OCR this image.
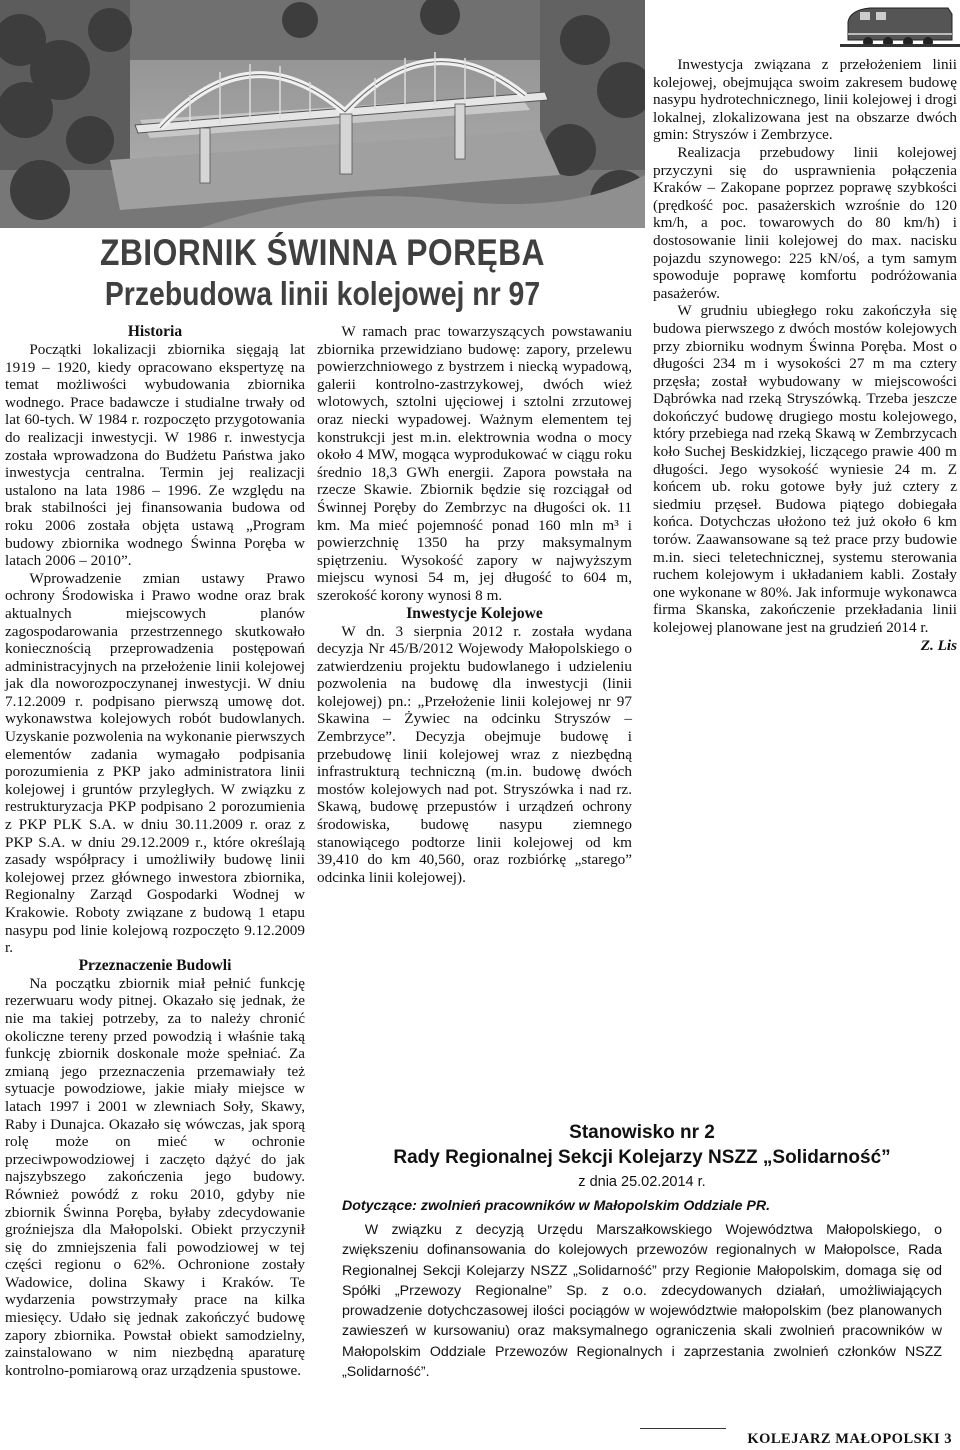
ZBIORNIK ŚWINNA PORĘBA
Przebudowa linii kolejowej nr 97
Historia

Początki lokalizacji zbiornika sięgają lat 1919 – 1920, kiedy opracowano ekspertyzę na temat możliwości wybudowania zbiornika wodnego. Prace badawcze i studialne trwały od lat 60-tych. W 1984 r. rozpoczęto przygotowania do realizacji inwestycji. W 1986 r. inwestycja została wprowadzona do Budżetu Państwa jako inwestycja centralna. Termin jej realizacji ustalono na lata 1986 – 1996. Ze względu na brak stabilności jej finansowania budowa od roku 2006 została objęta ustawą „Program budowy zbiornika wodnego Świnna Poręba w latach 2006 – 2010”.

Wprowadzenie zmian ustawy Prawo ochrony Środowiska i Prawo wodne oraz brak aktualnych miejscowych planów zagospodarowania przestrzennego skutkowało koniecznością przeprowadzenia postępowań administracyjnych na przełożenie linii kolejowej jak dla noworozpoczynanej inwestycji. W dniu 7.12.2009 r. podpisano pierwszą umowę dot. wykonawstwa kolejowych robót budowlanych. Uzyskanie pozwolenia na wykonanie pierwszych elementów zadania wymagało podpisania porozumienia z PKP jako administratora linii kolejowej i gruntów przyległych. W związku z restrukturyzacja PKP podpisano 2 porozumienia z PKP PLK S.A. w dniu 30.11.2009 r. oraz z PKP S.A. w dniu 29.12.2009 r., które określają zasady współpracy i umożliwiły budowę linii kolejowej przez głównego inwestora zbiornika, Regionalny Zarząd Gospodarki Wodnej w Krakowie. Roboty związane z budową 1 etapu nasypu pod linie kolejową rozpoczęto 9.12.2009 r.

Przeznaczenie Budowli

Na początku zbiornik miał pełnić funkcję rezerwuaru wody pitnej. Okazało się jednak, że nie ma takiej potrzeby, za to należy chronić okoliczne tereny przed powodzią i właśnie taką funkcję zbiornik doskonale może spełniać. Za zmianą jego przeznaczenia przemawiały też sytuacje powodziowe, jakie miały miejsce w latach 1997 i 2001 w zlewniach Soły, Skawy, Raby i Dunajca. Okazało się wówczas, jak sporą rolę może on mieć w ochronie przeciwpowodziowej i zaczęto dążyć do jak najszybszego zakończenia jego budowy. Również powódź z roku 2010, gdyby nie zbiornik Świnna Poręba, byłaby zdecydowanie groźniejsza dla Małopolski. Obiekt przyczynił się do zmniejszenia fali powodziowej w tej części regionu o 62%. Ochronione zostały Wadowice, dolina Skawy i Kraków. Te wydarzenia powstrzymały prace na kilka miesięcy. Udało się jednak zakończyć budowę zapory zbiornika. Powstał obiekt samodzielny, zainstalowano w nim niezbędną aparaturę kontrolno-pomiarową oraz urządzenia spustowe.

W ramach prac towarzyszących powstawaniu zbiornika przewidziano budowę: zapory, przelewu powierzchniowego z bystrzem i niecką wypadową, galerii kontrolno-zastrzykowej, dwóch wież wlotowych, sztolni ujęciowej i sztolni zrzutowej oraz niecki wypadowej. Ważnym elementem tej konstrukcji jest m.in. elektrownia wodna o mocy około 4 MW, mogąca wyprodukować w ciągu roku średnio 18,3 GWh energii. Zapora powstała na rzecze Skawie. Zbiornik będzie się rozciągał od Świnnej Poręby do Zembrzyc na długości ok. 11 km. Ma mieć pojemność ponad 160 mln m³ i powierzchnię 1350 ha przy maksymalnym spiętrzeniu. Wysokość zapory w najwyższym miejscu wynosi 54 m, jej długość to 604 m, szerokość korony wynosi 8 m.

Inwestycje Kolejowe

W dn. 3 sierpnia 2012 r. została wydana decyzja Nr 45/B/2012 Wojewody Małopolskiego o zatwierdzeniu projektu budowlanego i udzieleniu pozwolenia na budowę dla inwestycji (linii kolejowej) pn.: „Przełożenie linii kolejowej nr 97 Skawina – Żywiec na odcinku Stryszów – Zembrzyce”. Decyzja obejmuje budowę i przebudowę linii kolejowej wraz z niezbędną infrastrukturą techniczną (m.in. budowę dwóch mostów kolejowych nad pot. Stryszówka i nad rz. Skawą, budowę przepustów i urządzeń ochrony środowiska, budowę nasypu ziemnego stanowiącego podtorze linii kolejowej od km 39,410 do km 40,560, oraz rozbiórkę „starego” odcinka linii kolejowej).

Inwestycja związana z przełożeniem linii kolejowej, obejmująca swoim zakresem budowę nasypu hydrotechnicznego, linii kolejowej i drogi lokalnej, zlokalizowana jest na obszarze dwóch gmin: Stryszów i Zembrzyce.

Realizacja przebudowy linii kolejowej przyczyni się do usprawnienia połączenia Kraków – Zakopane poprzez poprawę szybkości (prędkość poc. pasażerskich wzrośnie do 120 km/h, a poc. towarowych do 80 km/h) i dostosowanie linii kolejowej do max. nacisku pojazdu szynowego: 225 kN/oś, a tym samym spowoduje poprawę komfortu podróżowania pasażerów.

W grudniu ubiegłego roku zakończyła się budowa pierwszego z dwóch mostów kolejowych przy zbiorniku wodnym Świnna Poręba. Most o długości 234 m i wysokości 27 m ma cztery przęsła; został wybudowany w miejscowości Dąbrówka nad rzeką Stryszówką. Trzeba jeszcze dokończyć budowę drugiego mostu kolejowego, który przebiega nad rzeką Skawą w Zembrzycach koło Suchej Beskidzkiej, liczącego prawie 400 m długości. Jego wysokość wyniesie 24 m. Z końcem ub. roku gotowe były już cztery z siedmiu przęseł. Budowa piątego dobiegała końca. Dotychczas ułożono też już około 6 km torów. Zaawansowane są też prace przy budowie m.in. sieci teletechnicznej, systemu sterowania ruchem kolejowym i układaniem kabli. Zostały one wykonane w 80%. Jak informuje wykonawca firma Skanska, zakończenie przekładania linii kolejowej planowane jest na grudzień 2014 r.

Z. Lis
Stanowisko nr 2
Rady Regionalnej Sekcji Kolejarzy NSZZ „Solidarność”
z dnia 25.02.2014 r.
Dotyczące: zwolnień pracowników w Małopolskim Oddziale PR.
W związku z decyzją Urzędu Marszałkowskiego Województwa Małopolskiego, o zwiększeniu dofinansowania do kolejowych przewozów regionalnych w Małopolsce, Rada Regionalnej Sekcji Kolejarzy NSZZ „Solidarność” przy Regionie Małopolskim, domaga się od Spółki „Przewozy Regionalne” Sp. z o.o. zdecydowanych działań, umożliwiających prowadzenie dotychczasowej ilości pociągów w województwie małopolskim (bez planowanych zawieszeń w kursowaniu) oraz maksymalnego ograniczenia skali zwolnień pracowników w Małopolskim Oddziale Przewozów Regionalnych i zaprzestania zwolnień członków NSZZ „Solidarność”.
KOLEJARZ MAŁOPOLSKI 3
